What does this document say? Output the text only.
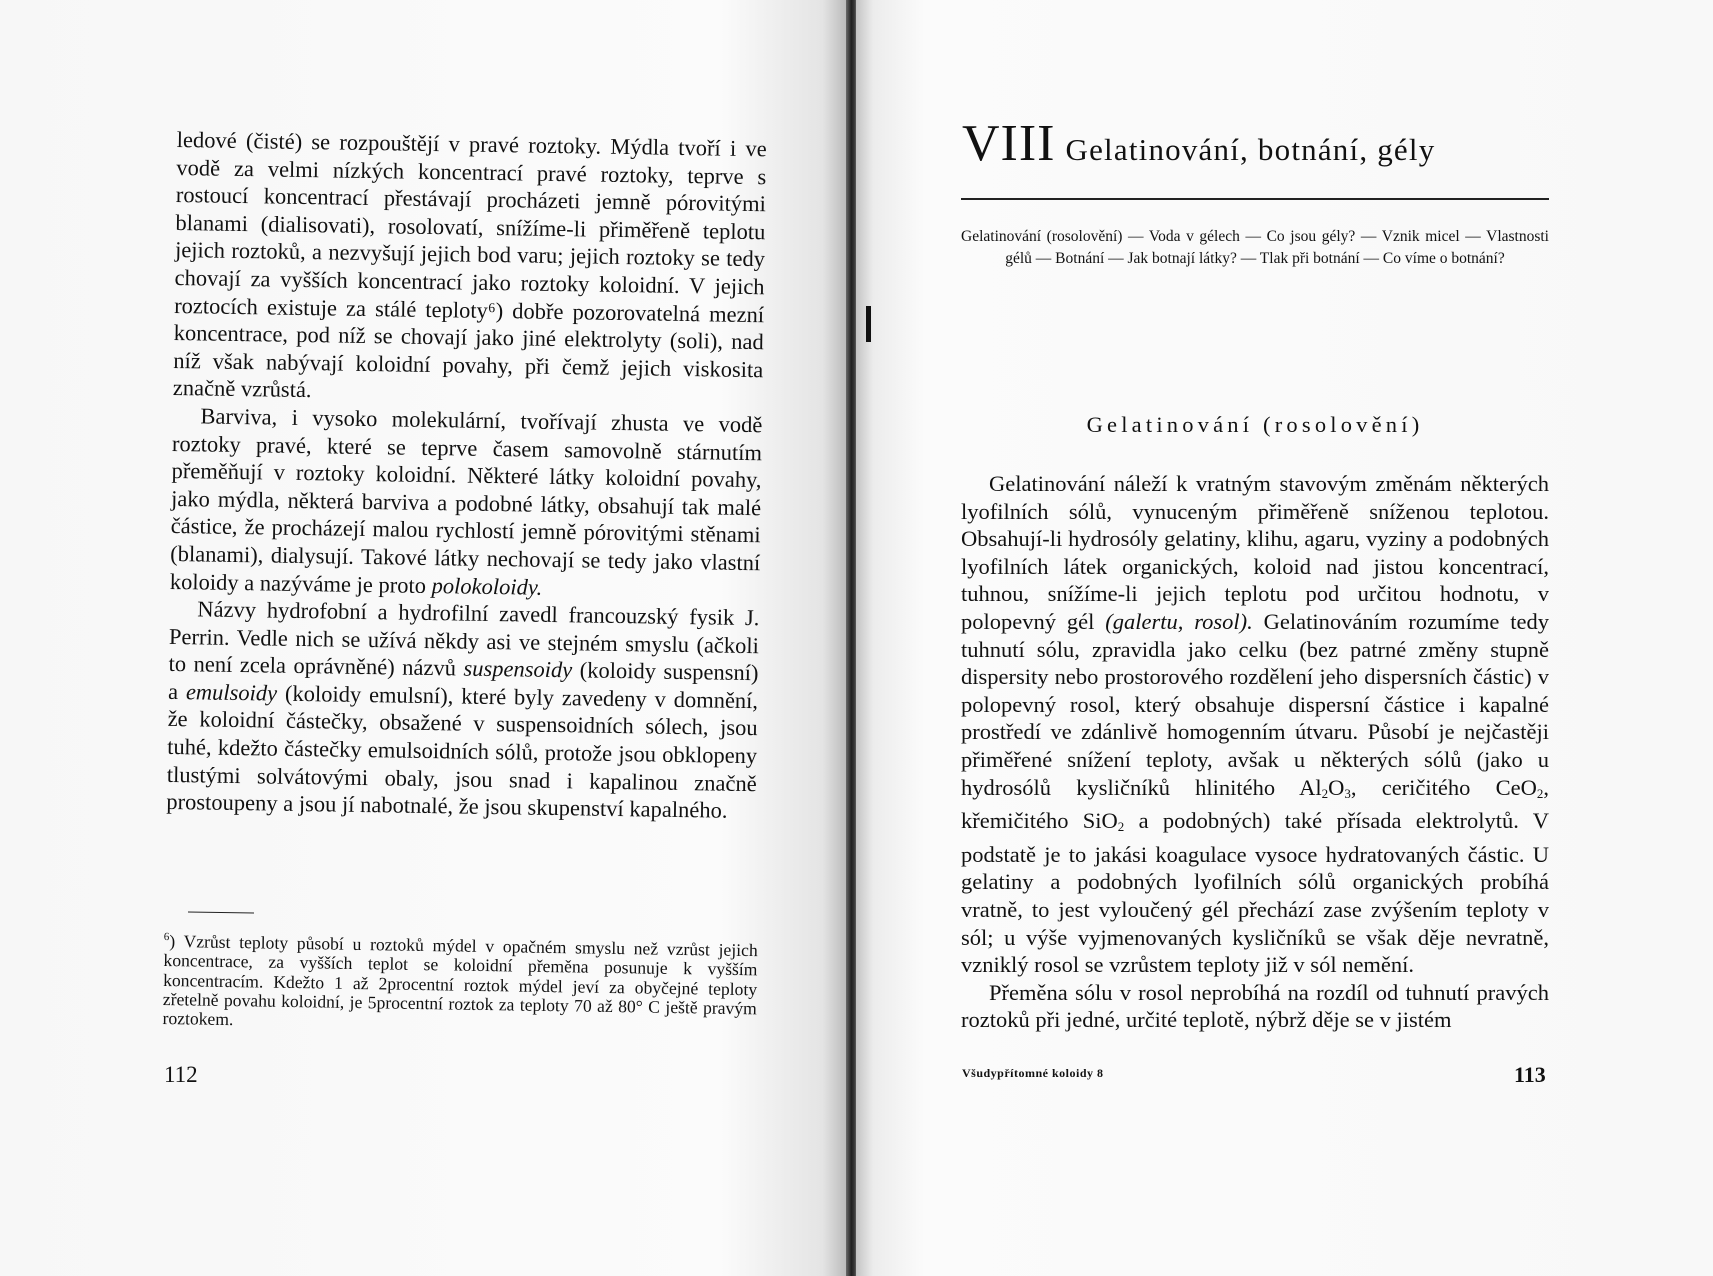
ledové (čisté) se rozpouštějí v pravé roztoky. Mýdla tvoří i ve vodě za velmi nízkých koncentrací pravé roztoky, teprve s rostoucí koncentrací přestávají procházeti jemně pórovitými blanami (dialisovati), rosolovatí, snížíme-li přiměřeně teplotu jejich roztoků, a nezvyšují jejich bod varu; jejich roztoky se tedy chovají za vyšších koncentrací jako roztoky koloidní. V jejich roztocích existuje za stálé teploty⁶) dobře pozorovatelná mezní koncentrace, pod níž se chovají jako jiné elektrolyty (soli), nad níž však nabývají koloidní povahy, při čemž jejich viskosita značně vzrůstá.

Barviva, i vysoko molekulární, tvořívají zhusta ve vodě roztoky pravé, které se teprve časem samovolně stárnutím přeměňují v roztoky koloidní. Některé látky koloidní povahy, jako mýdla, některá barviva a podobné látky, obsahují tak malé částice, že procházejí malou rychlostí jemně pórovitými stěnami (blanami), dialysují. Takové látky nechovají se tedy jako vlastní koloidy a nazýváme je proto polokoloidy.

Názvy hydrofobní a hydrofilní zavedl francouzský fysik J. Perrin. Vedle nich se užívá někdy asi ve stejném smyslu (ačkoli to není zcela oprávněné) názvů suspensoidy (koloidy suspensní) a emulsoidy (koloidy emulsní), které byly zavedeny v domnění, že koloidní částečky, obsažené v suspensoidních sólech, jsou tuhé, kdežto částečky emulsoidních sólů, protože jsou obklopeny tlustými solvátovými obaly, jsou snad i kapalinou značně prostoupeny a jsou jí nabotnalé, že jsou skupenství kapalného.

$^6$) Vzrůst teploty působí u roztoků mýdel v opačném smyslu než vzrůst jejich koncentrace, za vyšších teplot se koloidní přeměna posunuje k vyšším koncentracím. Kdežto 1 až 2procentní roztok mýdel jeví za obyčejné teploty zřetelně povahu koloidní, je 5procentní roztok za teploty 70 až 80° C ještě pravým roztokem.
112
VIII Gelatinování, botnání, gély
Gelatinování (rosolovění) — Voda v gélech — Co jsou gély? — Vznik micel — Vlastnosti gélů — Botnání — Jak botnají látky? — Tlak při botnání — Co víme o botnání?
Gelatinování (rosolovění)

Gelatinování náleží k vratným stavovým změnám některých lyofilních sólů, vynuceným přiměřeně sníženou teplotou. Obsahují-li hydrosóly gelatiny, klihu, agaru, vyziny a podobných lyofilních látek organických, koloid nad jistou koncentrací, tuhnou, snížíme-li jejich teplotu pod určitou hodnotu, v polopevný gél (galertu, rosol). Gelatinováním rozumíme tedy tuhnutí sólu, zpravidla jako celku (bez patrné změny stupně dispersity nebo prostorového rozdělení jeho dispersních částic) v polopevný rosol, který obsahuje dispersní částice i kapalné prostředí ve zdánlivě homogenním útvaru. Působí je nejčastěji přiměřené snížení teploty, avšak u některých sólů (jako u hydrosólů kysličníků hlinitého $Al_2O_3$, ceričitého CeO$_2$, křemičitého SiO$_2$ a podobných) také přísada elektrolytů. V podstatě je to jakási koagulace vysoce hydratovaných částic. U gelatiny a podobných lyofilních sólů organických probíhá vratně, to jest vyloučený gél přechází zase zvýšením teploty v sól; u výše vyjmenovaných kysličníků se však děje nevratně, vzniklý rosol se vzrůstem teploty již v sól nemění.

Přeměna sólu v rosol neprobíhá na rozdíl od tuhnutí pravých roztoků při jedné, určité teplotě, nýbrž děje se v jistém

Všudypřítomné koloidy 8	113
